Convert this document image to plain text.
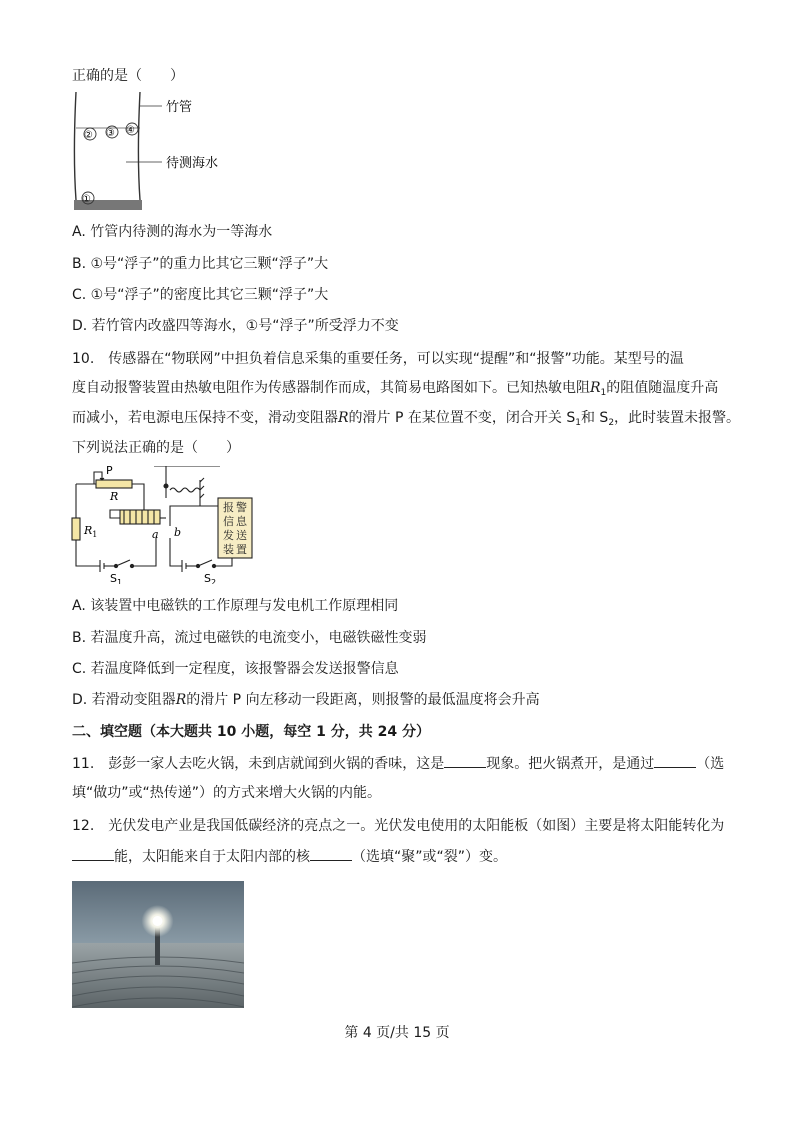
正确的是（　　）
竹管
待测海水
② ③ ④
①
A. 竹管内待测的海水为一等海水
B. ①号“浮子”的重力比其它三颗“浮子”大
C. ①号“浮子”的密度比其它三颗“浮子”大
D. 若竹管内改盛四等海水，①号“浮子”所受浮力不变
10.　传感器在“物联网”中担负着信息采集的重要任务，可以实现“提醒”和“报警”功能。某型号的温
度自动报警装置由热敏电阻作为传感器制作而成，其简易电路图如下。已知热敏电阻$R_1$的阻值随温度升高
而减小，若电源电压保持不变，滑动变阻器R的滑片 P 在某位置不变，闭合开关 $S_1$和 $S_2$，此时装置未报警。
下列说法正确的是（　　）
P
R
$R_1$	a b
$S_1$	$S_2$
报 警
信 息
发 送
装 置
A. 该装置中电磁铁的工作原理与发电机工作原理相同
B. 若温度升高，流过电磁铁的电流变小，电磁铁磁性变弱
C. 若温度降低到一定程度，该报警器会发送报警信息
D. 若滑动变阻器R的滑片 P 向左移动一段距离，则报警的最低温度将会升高
二、填空题（本大题共 10 小题，每空 1 分，共 24 分）
11.　彭彭一家人去吃火锅，未到店就闻到火锅的香味，这是	现象。把火锅煮开，是通过	（选
填“做功”或“热传递”）的方式来增大火锅的内能。
12.　光伏发电产业是我国低碳经济的亮点之一。光伏发电使用的太阳能板（如图）主要是将太阳能转化为
能，太阳能来自于太阳内部的核	（选填“聚”或“裂”）变。
第 4 页/共 15 页
